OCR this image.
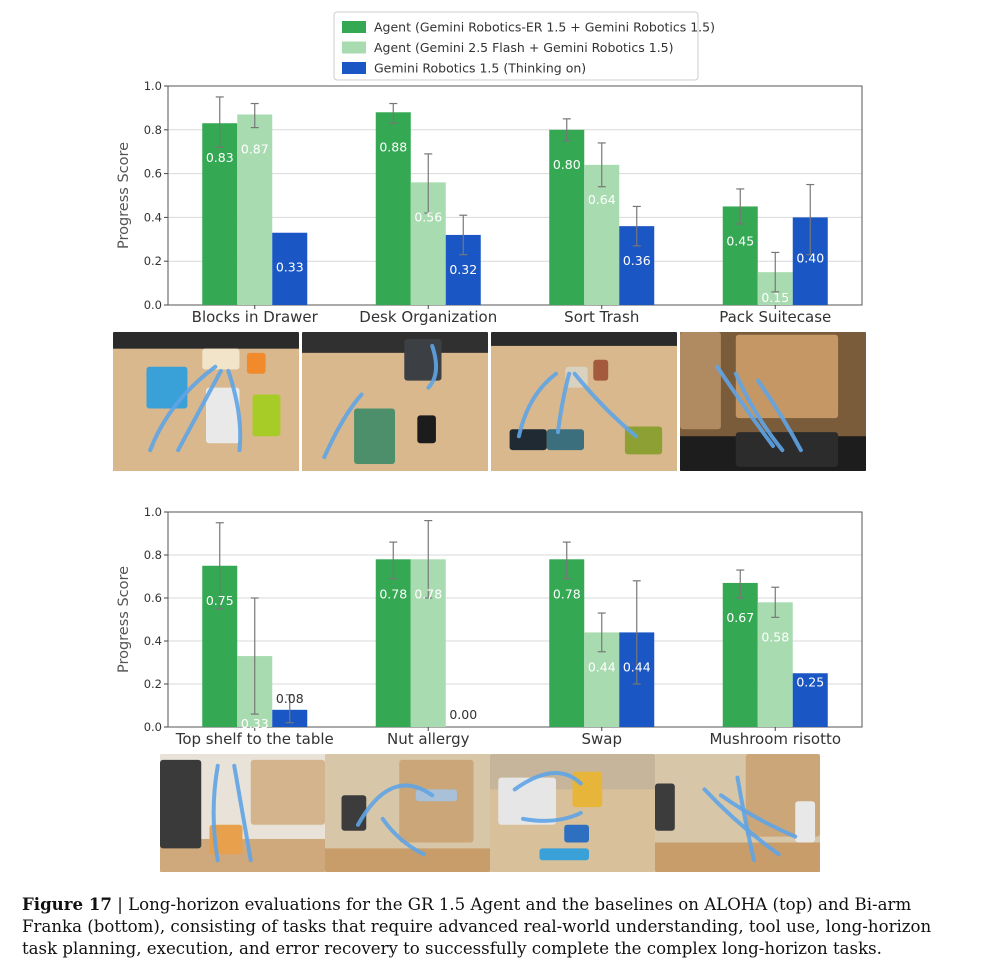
Agent (Gemini Robotics-ER 1.5 + Gemini Robotics 1.5)
Agent (Gemini 2.5 Flash + Gemini Robotics 1.5)
Gemini Robotics 1.5 (Thinking on)
0.0
0.2
0.4
0.6
0.8
1.0
Progress Score
Blocks in Drawer
0.83
0.87
0.33
Desk Organization
0.88
0.56
0.32
Sort Trash
0.80
0.64
0.36
Pack Suitecase
0.45
0.15
0.40
0.0
0.2
0.4
0.6
0.8
1.0
Progress Score
Top shelf to the table
0.75
0.33
0.08
Nut allergy
0.78 0.78
0.00
Swap
0.78
0.44 0.44
Mushroom risotto
0.67
0.58
0.25
Figure 17 | Long-horizon evaluations for the GR 1.5 Agent and the baselines on ALOHA (top) and Bi-arm Franka (bottom), consisting of tasks that require advanced real-world understanding, tool use, long-horizon task planning, execution, and error recovery to successfully complete the complex long-horizon tasks.
